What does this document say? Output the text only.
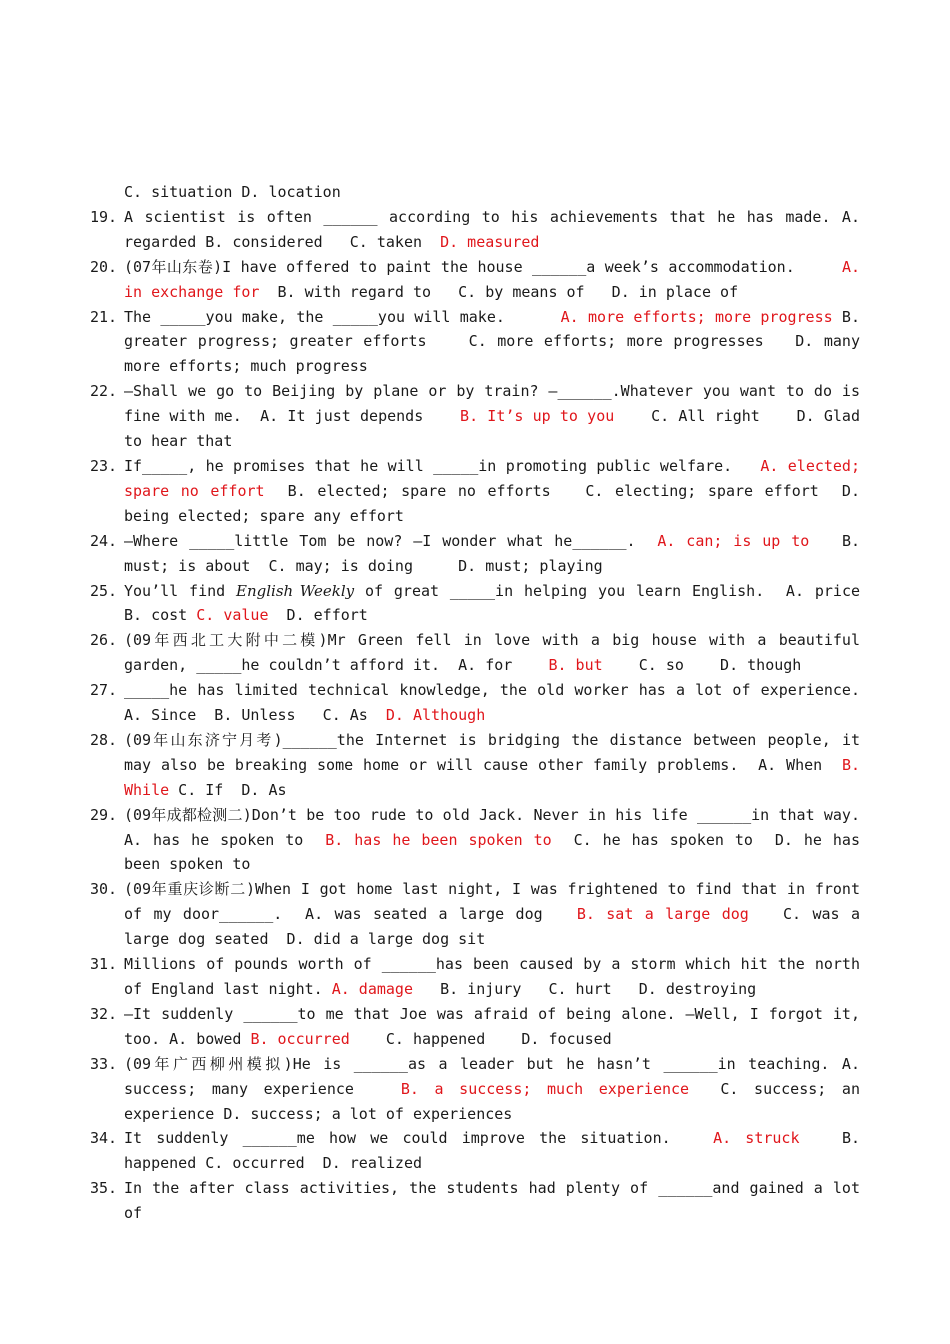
C. situation D. location
19. A scientist is often ______ according to his achievements that he has made. A. regarded B. considered   C. taken  D. measured
20. (07年山东卷)I have offered to paint the house ______a week’s accommodation.     A. in exchange for  B. with regard to   C. by means of   D. in place of
21. The _____you make, the _____you will make.      A. more efforts; more progress B. greater progress; greater efforts    C. more efforts; more progresses   D. many more efforts; much progress
22. —Shall we go to Beijing by plane or by train? —______.Whatever you want to do is fine with me.  A. It just depends    B. It’s up to you    C. All right    D. Glad to hear that
23. If_____, he promises that he will _____in promoting public welfare.   A. elected; spare no effort  B. elected; spare no efforts   C. electing; spare effort  D. being elected; spare any effort
24. —Where _____little Tom be now? —I wonder what he______.  A. can; is up to   B. must; is about  C. may; is doing     D. must; playing
25. You’ll find English Weekly of great _____in helping you learn English.  A. price B. cost C. value  D. effort
26. (09年西北工大附中二模)Mr Green fell in love with a big house with a beautiful garden, _____he couldn’t afford it.  A. for    B. but    C. so    D. though
27. _____he has limited technical knowledge, the old worker has a lot of experience. A. Since  B. Unless   C. As  D. Although
28. (09年山东济宁月考)______the Internet is bridging the distance between people, it may also be breaking some home or will cause other family problems.  A. When  B. While C. If  D. As
29. (09年成都检测二)Don’t be too rude to old Jack. Never in his life ______in that way. A. has he spoken to  B. has he been spoken to  C. he has spoken to  D. he has been spoken to
30. (09年重庆诊断二)When I got home last night, I was frightened to find that in front of my door______.  A. was seated a large dog   B. sat a large dog   C. was a large dog seated  D. did a large dog sit
31. Millions of pounds worth of ______has been caused by a storm which hit the north of England last night. A. damage   B. injury   C. hurt   D. destroying
32. —It suddenly ______to me that Joe was afraid of being alone. —Well, I forgot it, too. A. bowed B. occurred    C. happened    D. focused
33. (09年广西柳州模拟)He is ______as a leader but he hasn’t ______in teaching. A. success; many experience   B. a success; much experience  C. success; an experience D. success; a lot of experiences
34. It suddenly ______me how we could improve the situation.   A. struck   B. happened C. occurred  D. realized
35. In the after class activities, the students had plenty of ______and gained a lot of
